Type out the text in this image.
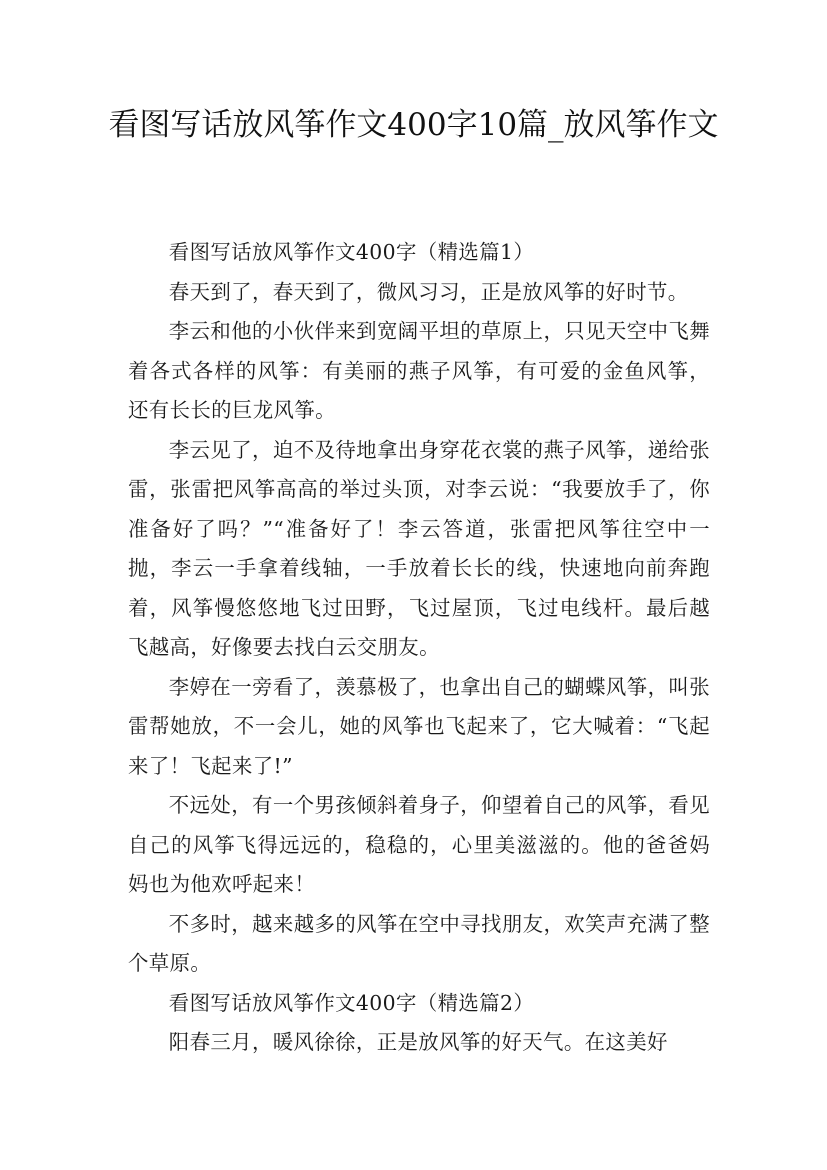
看图写话放风筝作文400字10篇_放风筝作文

看图写话放风筝作文400字（精选篇1）

春天到了，春天到了，微风习习，正是放风筝的好时节。

李云和他的小伙伴来到宽阔平坦的草原上，只见天空中飞舞着各式各样的风筝：有美丽的燕子风筝，有可爱的金鱼风筝，还有长长的巨龙风筝。

李云见了，迫不及待地拿出身穿花衣裳的燕子风筝，递给张雷，张雷把风筝高高的举过头顶，对李云说：“我要放手了，你准备好了吗？”“准备好了！李云答道，张雷把风筝往空中一抛，李云一手拿着线轴，一手放着长长的线，快速地向前奔跑着，风筝慢悠悠地飞过田野，飞过屋顶，飞过电线杆。最后越飞越高，好像要去找白云交朋友。

李婷在一旁看了，羡慕极了，也拿出自己的蝴蝶风筝，叫张雷帮她放，不一会儿，她的风筝也飞起来了，它大喊着：“飞起来了！飞起来了!”

不远处，有一个男孩倾斜着身子，仰望着自己的风筝，看见自己的风筝飞得远远的，稳稳的，心里美滋滋的。他的爸爸妈妈也为他欢呼起来！

不多时，越来越多的风筝在空中寻找朋友，欢笑声充满了整个草原。

看图写话放风筝作文400字（精选篇2）

阳春三月，暖风徐徐，正是放风筝的好天气。在这美好
